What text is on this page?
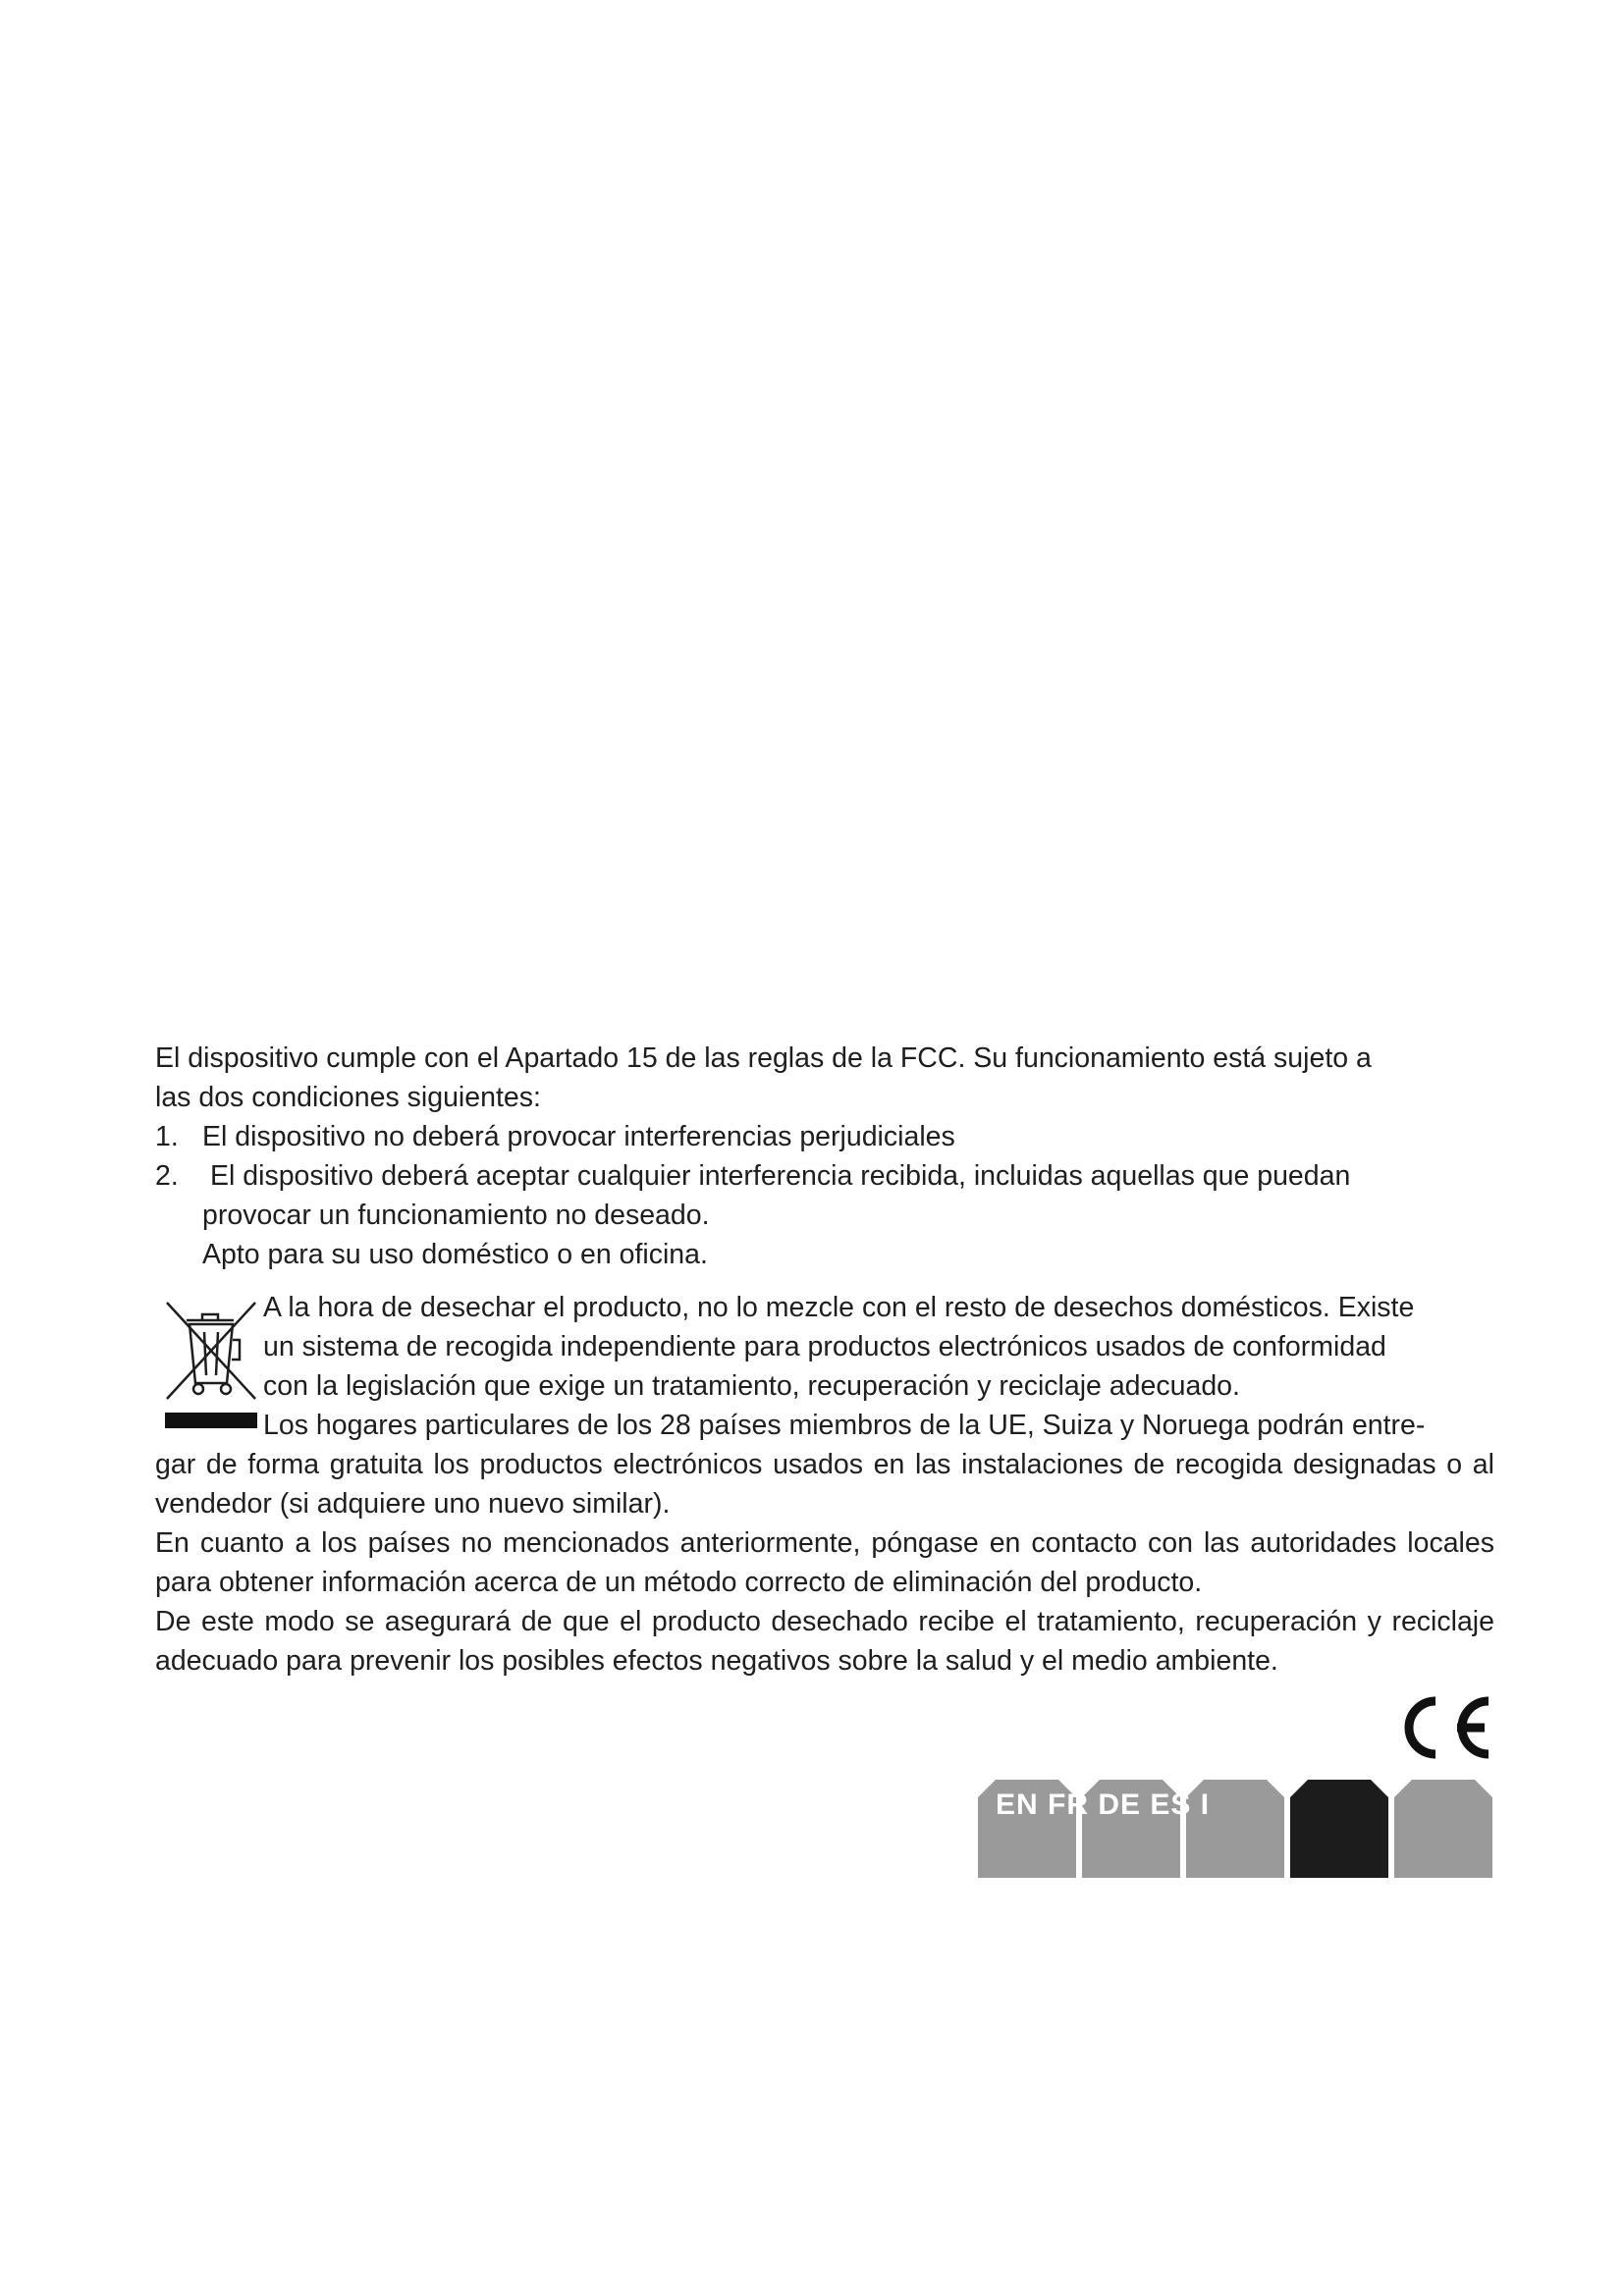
El dispositivo cumple con el Apartado 15 de las reglas de la FCC. Su funcionamiento está sujeto a

las dos condiciones siguientes:

1. El dispositivo no deberá provocar interferencias perjudiciales
2.	El dispositivo deberá aceptar cualquier interferencia recibida, incluidas aquellas que puedan
provocar un funcionamiento no deseado.
Apto para su uso doméstico o en oficina.

A la hora de desechar el producto, no lo mezcle con el resto de desechos domésticos. Existe

un sistema de recogida independiente para productos electrónicos usados de conformidad

con la legislación que exige un tratamiento, recuperación y reciclaje adecuado.

Los hogares particulares de los 28 países miembros de la UE, Suiza y Noruega podrán entre-

gar de forma gratuita los productos electrónicos usados en las instalaciones de recogida designadas o al vendedor (si adquiere uno nuevo similar).

En cuanto a los países no mencionados anteriormente, póngase en contacto con las autoridades locales para obtener información acerca de un método correcto de eliminación del producto.

De este modo se asegurará de que el producto desechado recibe el tratamiento, recuperación y reciclaje adecuado para prevenir los posibles efectos negativos sobre la salud y el medio ambiente.

EN FR DE ES I
